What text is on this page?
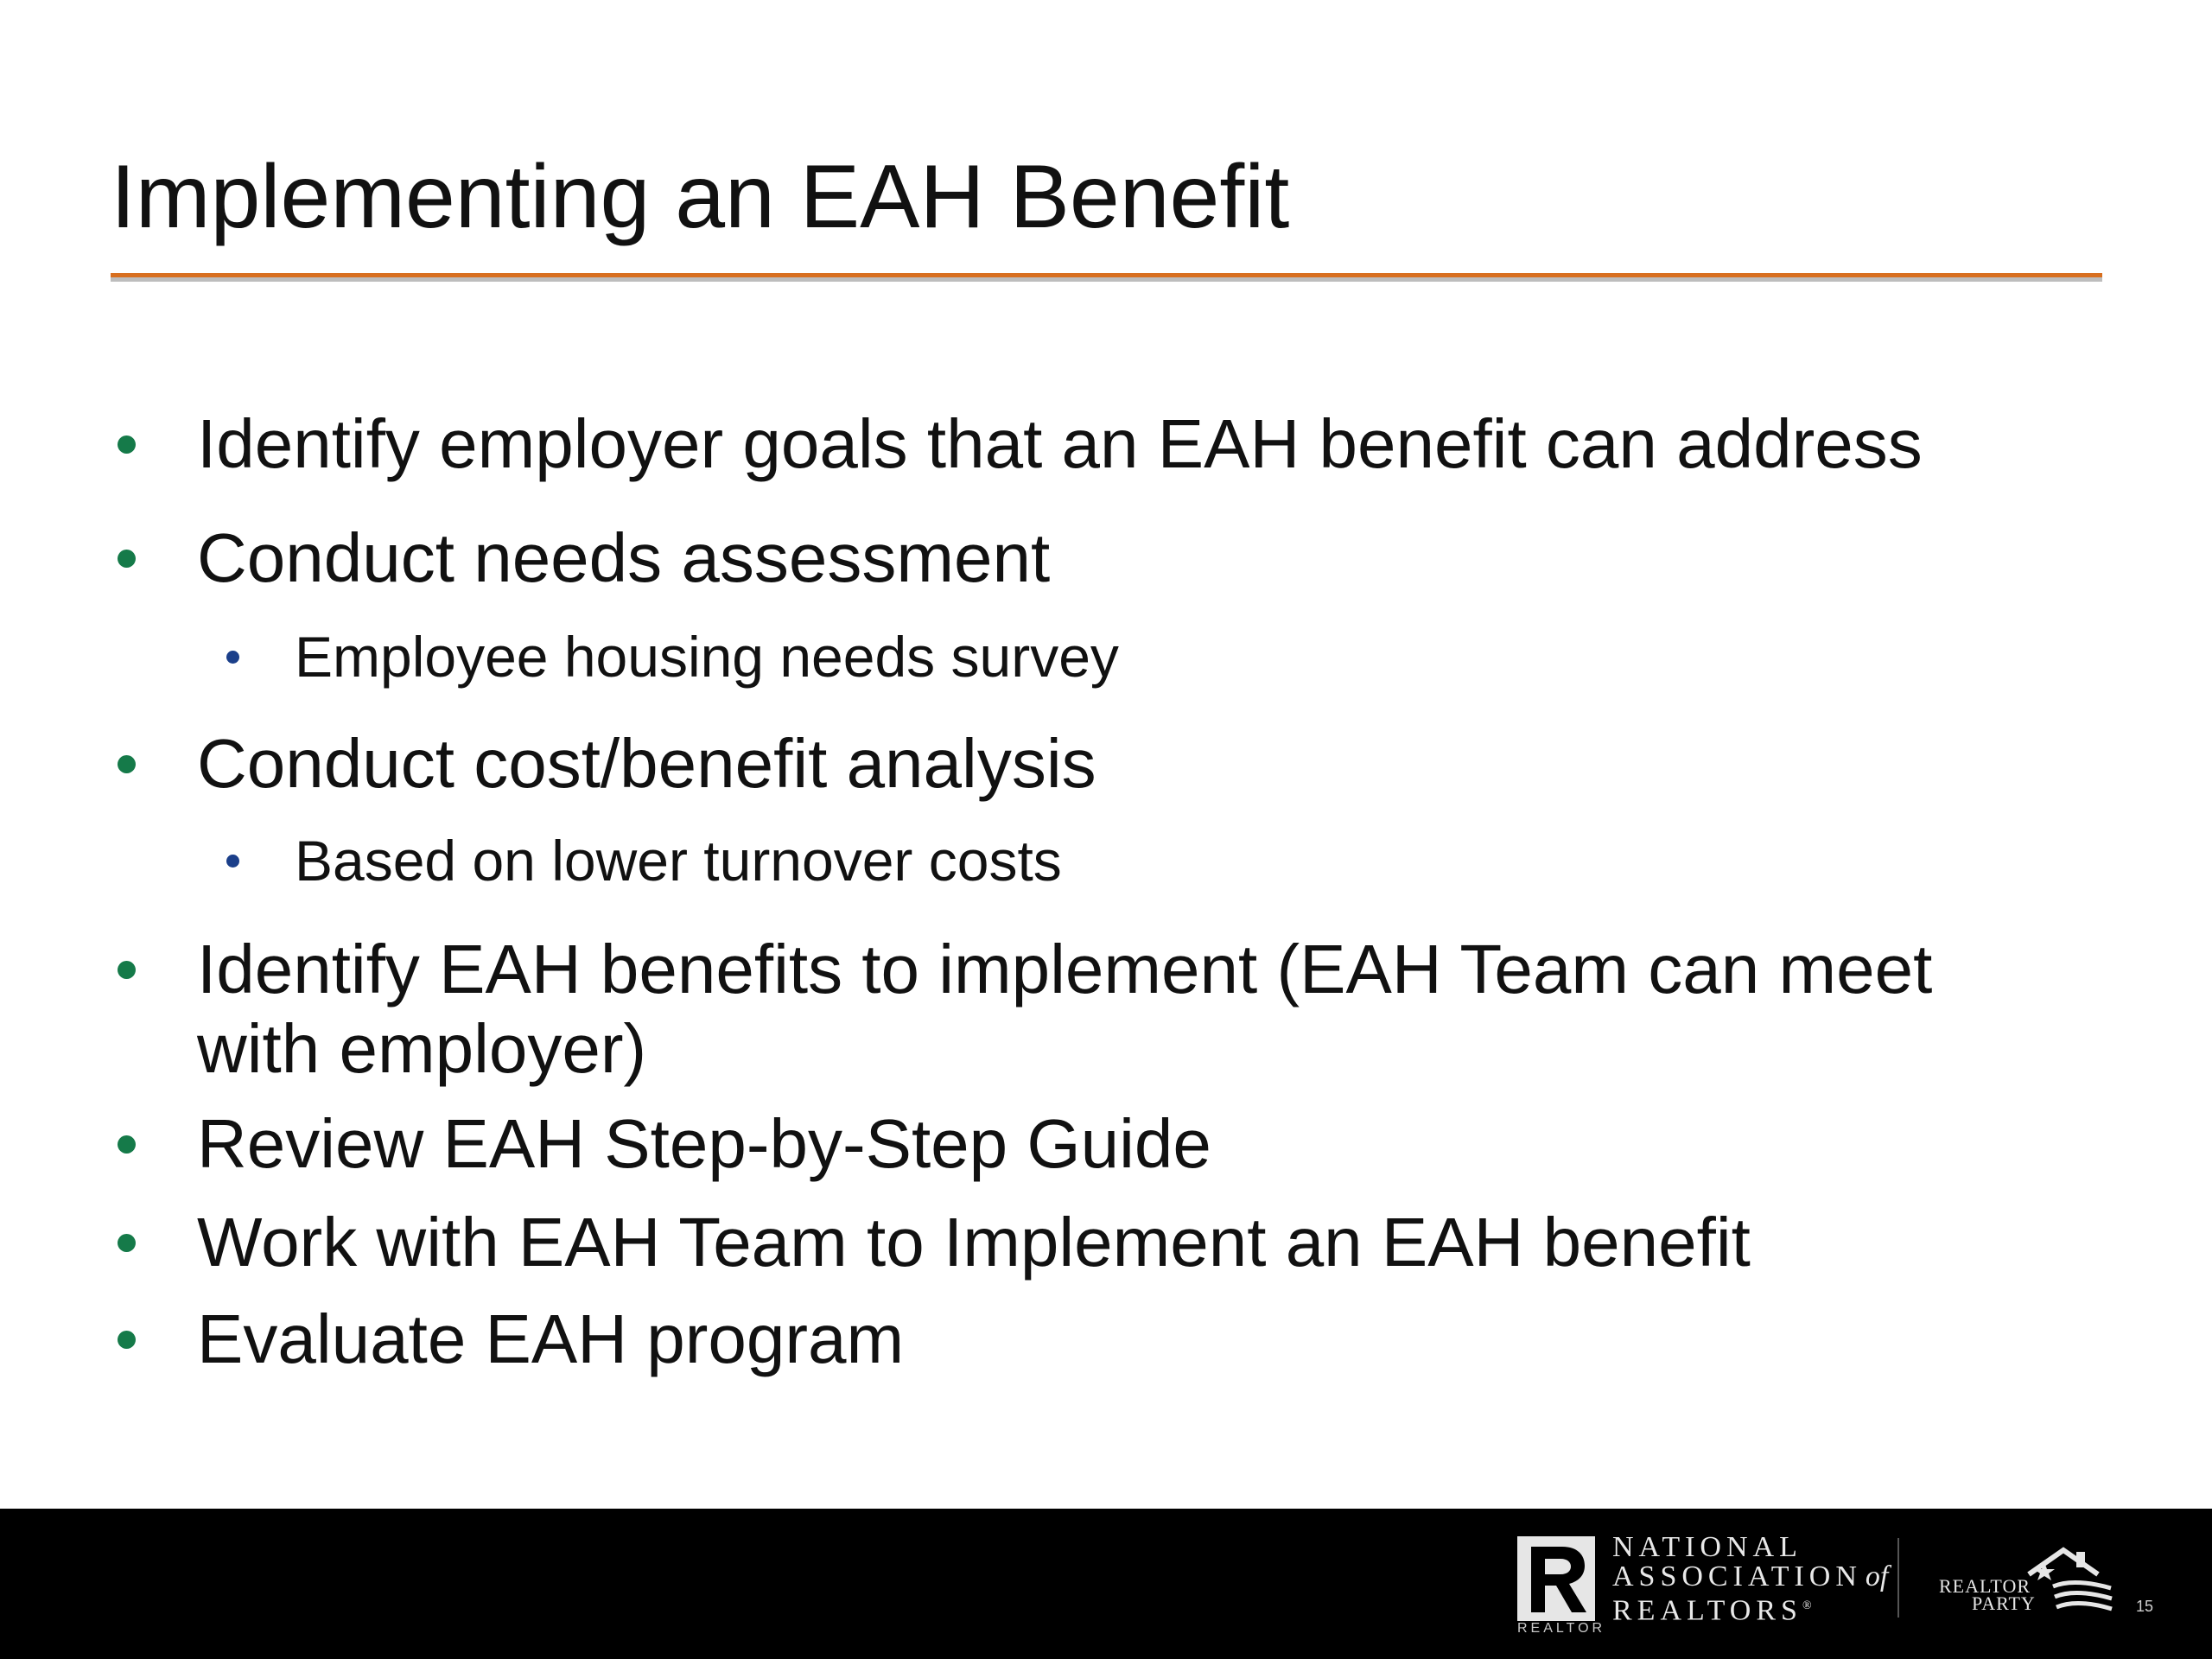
Implementing an EAH Benefit
Identify employer goals that an EAH benefit can address
Conduct needs assessment
Employee housing needs survey
Conduct cost/benefit analysis
Based on lower turnover costs
Identify EAH benefits to implement (EAH Team can meet
with employer)
Review EAH Step-by-Step Guide
Work with EAH Team to Implement an EAH benefit
Evaluate EAH program
REALTOR
NATIONAL
ASSOCIATION of
REALTORS®
REALTOR
PARTY	15
